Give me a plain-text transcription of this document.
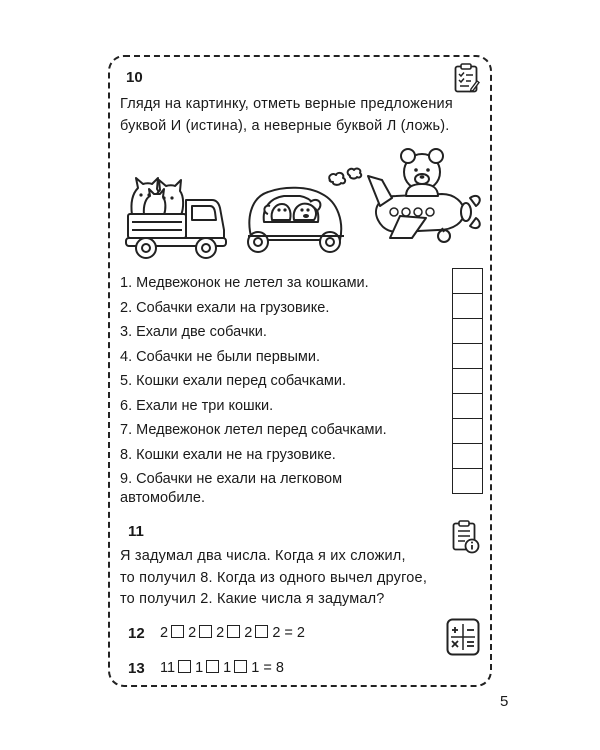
10
Глядя на картинку, отметь верные предложения
буквой И (истина), а неверные буквой Л (ложь).
1. Медвежонок не летел за кошками.
2. Собачки ехали на грузовике.
3. Ехали две собачки.
4. Собачки не были первыми.
5. Кошки ехали перед собачками.
6. Ехали не три кошки.
7. Медвежонок летел перед собачками.
8. Кошки ехали не на грузовике.
9. Собачки не ехали на легковом
автомобиле.
11
Я задумал два числа. Когда я их сложил,
то получил 8. Когда из одного вычел другое,
то получил 2. Какие числа я задумал?
12 2 2 2 2 2 = 2
13 11 1 1 1 = 8
5
